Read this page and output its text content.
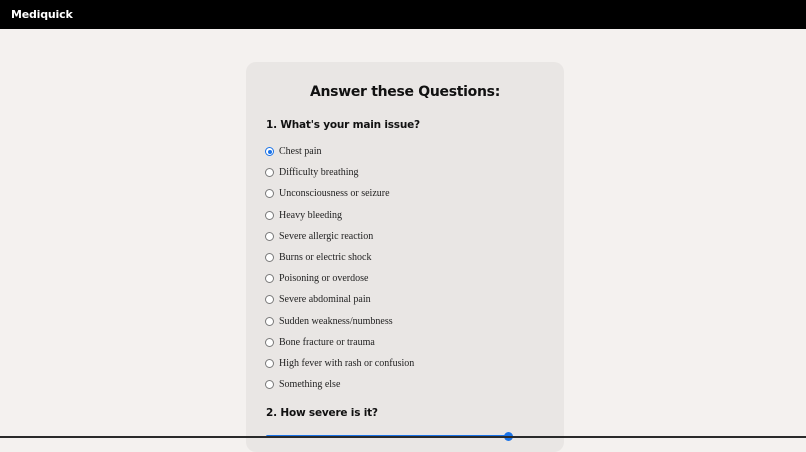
Mediquick
Answer these Questions:
1. What's your main issue?
Chest pain
Difficulty breathing
Unconsciousness or seizure
Heavy bleeding
Severe allergic reaction
Burns or electric shock
Poisoning or overdose
Severe abdominal pain
Sudden weakness/numbness
Bone fracture or trauma
High fever with rash or confusion
Something else
2. How severe is it?
